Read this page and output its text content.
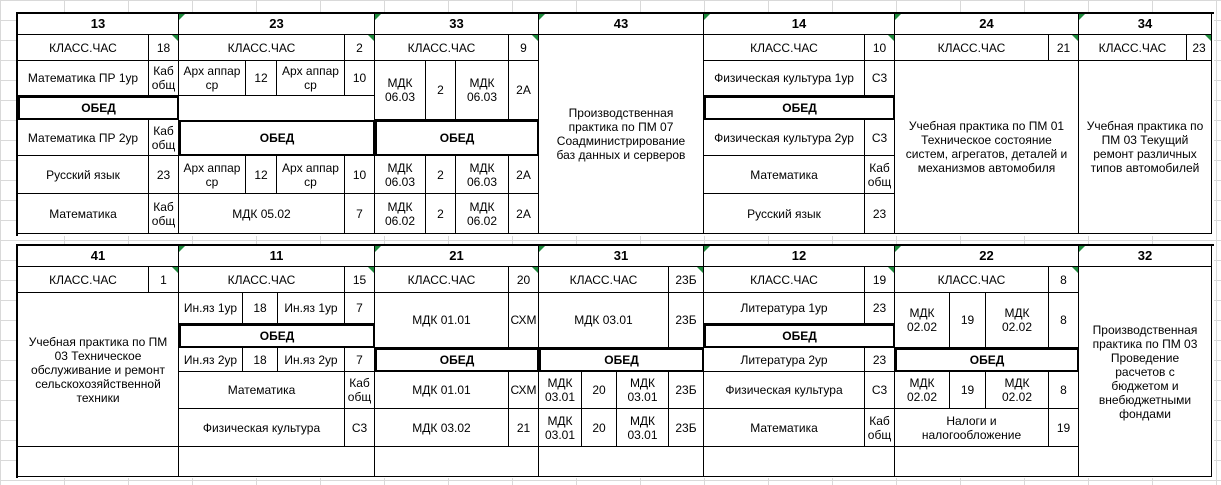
13
КЛАСС.ЧАС	18
Математика ПР 1ур	Каб общ
ОБЕД
Математика ПР 2ур	Каб общ
Русский язык	23
Математика	Каб общ
23
КЛАСС.ЧАС	2
Арх аппар ср	12	Арх аппар ср	10
ОБЕД
Арх аппар ср	12	Арх аппар ср	10
МДК 05.02	7
33
КЛАСС.ЧАС	9
МДК 06.03	2	МДК 06.03	2А
ОБЕД
МДК 06.03	2	МДК 06.03	2А
МДК 06.02	2	МДК 06.02	2А
43
Производственная практика по ПМ 07 Соадминистрирование баз данных и серверов
14
КЛАСС.ЧАС	10
Физическая культура 1ур	С3
ОБЕД
Физическая культура 2ур	С3
Математика	Каб общ
Русский язык	23
24
КЛАСС.ЧАС	21
Учебная практика по ПМ 01 Техническое состояние систем, агрегатов, деталей и механизмов автомобиля
34
КЛАСС.ЧАС	23
Учебная практика по ПМ 03 Текущий ремонт различных типов автомобилей
41
КЛАСС.ЧАС	1
Учебная практика по ПМ 03 Техническое обслуживание и ремонт сельскохозяйственной техники
11
КЛАСС.ЧАС	15
Ин.яз 1ур	18	Ин.яз 1ур	7
ОБЕД
Ин.яз 2ур	18	Ин.яз 2ур	7
Математика	Каб общ
Физическая культура	С3
21
КЛАСС.ЧАС	20
МДК 01.01	СХМ
ОБЕД
МДК 01.01	СХМ
МДК 03.02	21
31
КЛАСС.ЧАС	23Б
МДК 03.01	23Б
ОБЕД
МДК 03.01	20	МДК 03.01	23Б
МДК 03.01	20	МДК 03.01	23Б
12
КЛАСС.ЧАС	19
Литература 1ур	23
ОБЕД
Литература 2ур	23
Физическая культура	С3
Математика	Каб общ
22
КЛАСС.ЧАС	8
МДК 02.02	19	МДК 02.02	8
ОБЕД
МДК 02.02	19	МДК 02.02	8
Налоги и налогообложение	19
32
Производственная практика по ПМ 03 Проведение расчетов с бюджетом и внебюджетными фондами
